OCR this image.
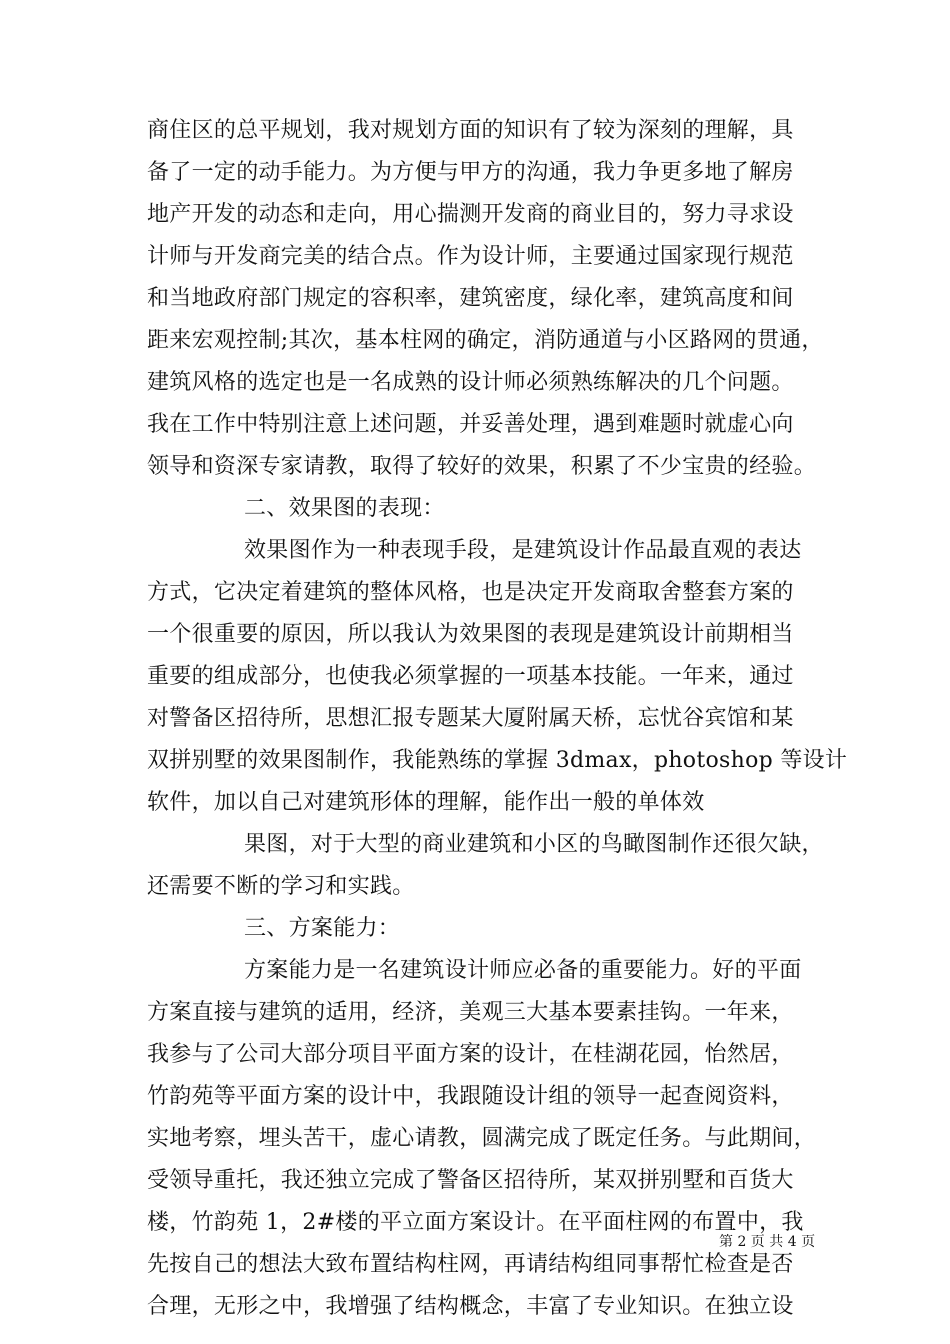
商住区的总平规划，我对规划方面的知识有了较为深刻的理解，具
备了一定的动手能力。为方便与甲方的沟通，我力争更多地了解房
地产开发的动态和走向，用心揣测开发商的商业目的，努力寻求设
计师与开发商完美的结合点。作为设计师，主要通过国家现行规范
和当地政府部门规定的容积率，建筑密度，绿化率，建筑高度和间
距来宏观控制;其次，基本柱网的确定，消防通道与小区路网的贯通，
建筑风格的选定也是一名成熟的设计师必须熟练解决的几个问题。
我在工作中特别注意上述问题，并妥善处理，遇到难题时就虚心向
领导和资深专家请教，取得了较好的效果，积累了不少宝贵的经验。
二、效果图的表现：
效果图作为一种表现手段，是建筑设计作品最直观的表达
方式，它决定着建筑的整体风格，也是决定开发商取舍整套方案的
一个很重要的原因，所以我认为效果图的表现是建筑设计前期相当
重要的组成部分，也使我必须掌握的一项基本技能。一年来，通过
对警备区招待所，思想汇报专题某大厦附属天桥，忘忧谷宾馆和某
双拼别墅的效果图制作，我能熟练的掌握 3dmax，photoshop 等设计
软件，加以自己对建筑形体的理解，能作出一般的单体效
果图，对于大型的商业建筑和小区的鸟瞰图制作还很欠缺，
还需要不断的学习和实践。
三、方案能力：
方案能力是一名建筑设计师应必备的重要能力。好的平面
方案直接与建筑的适用，经济，美观三大基本要素挂钩。一年来，
我参与了公司大部分项目平面方案的设计，在桂湖花园，怡然居，
竹韵苑等平面方案的设计中，我跟随设计组的领导一起查阅资料，
实地考察，埋头苦干，虚心请教，圆满完成了既定任务。与此期间，
受领导重托，我还独立完成了警备区招待所，某双拼别墅和百货大
楼，竹韵苑 1，2#楼的平立面方案设计。在平面柱网的布置中，我
先按自己的想法大致布置结构柱网，再请结构组同事帮忙检查是否
合理，无形之中，我增强了结构概念，丰富了专业知识。在独立设
第 2 页 共 4 页
